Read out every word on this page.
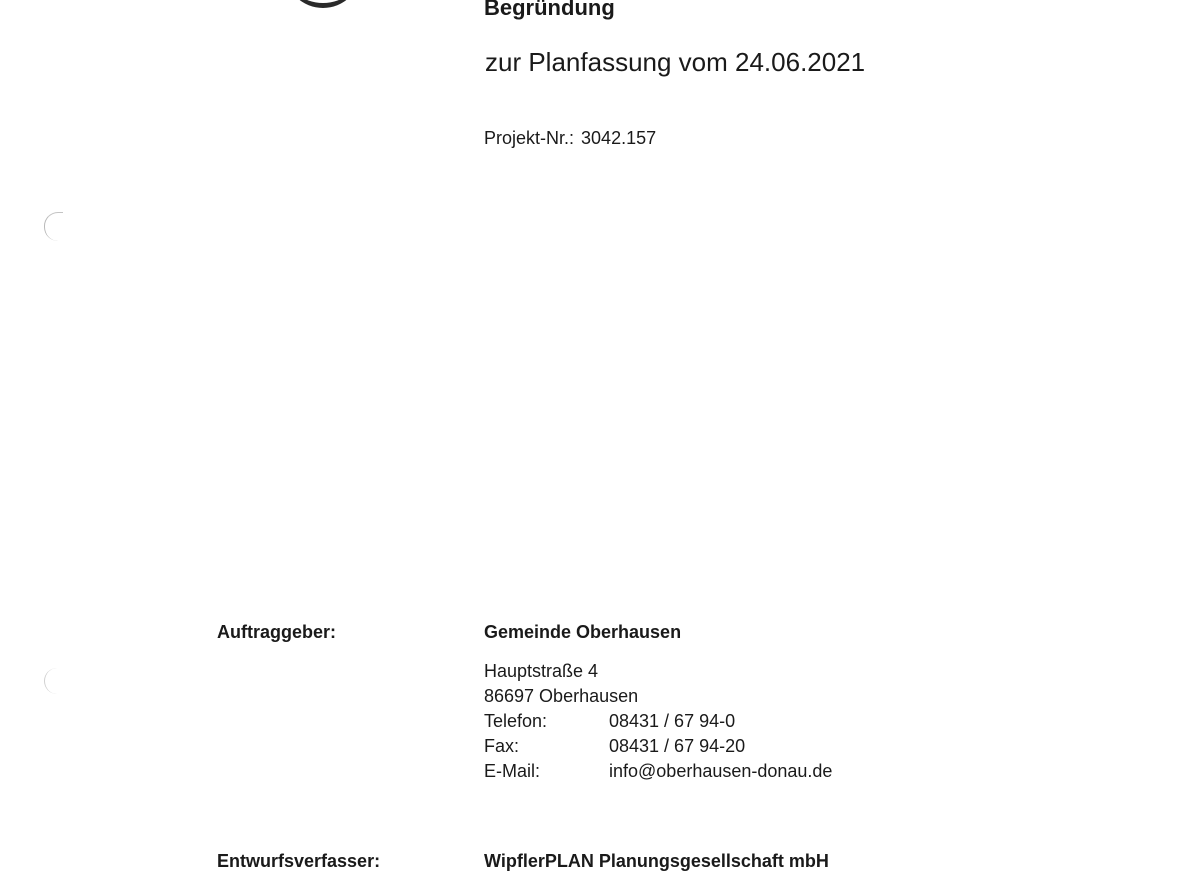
Begründung
zur Planfassung vom 24.06.2021
Projekt-Nr.: 3042.157
Auftraggeber:	Gemeinde Oberhausen
Hauptstraße 4
86697 Oberhausen
Telefon:	08431 / 67 94-0
Fax:	08431 / 67 94-20
E-Mail:	info@oberhausen-donau.de
Entwurfsverfasser:	WipflerPLAN Planungsgesellschaft mbH
